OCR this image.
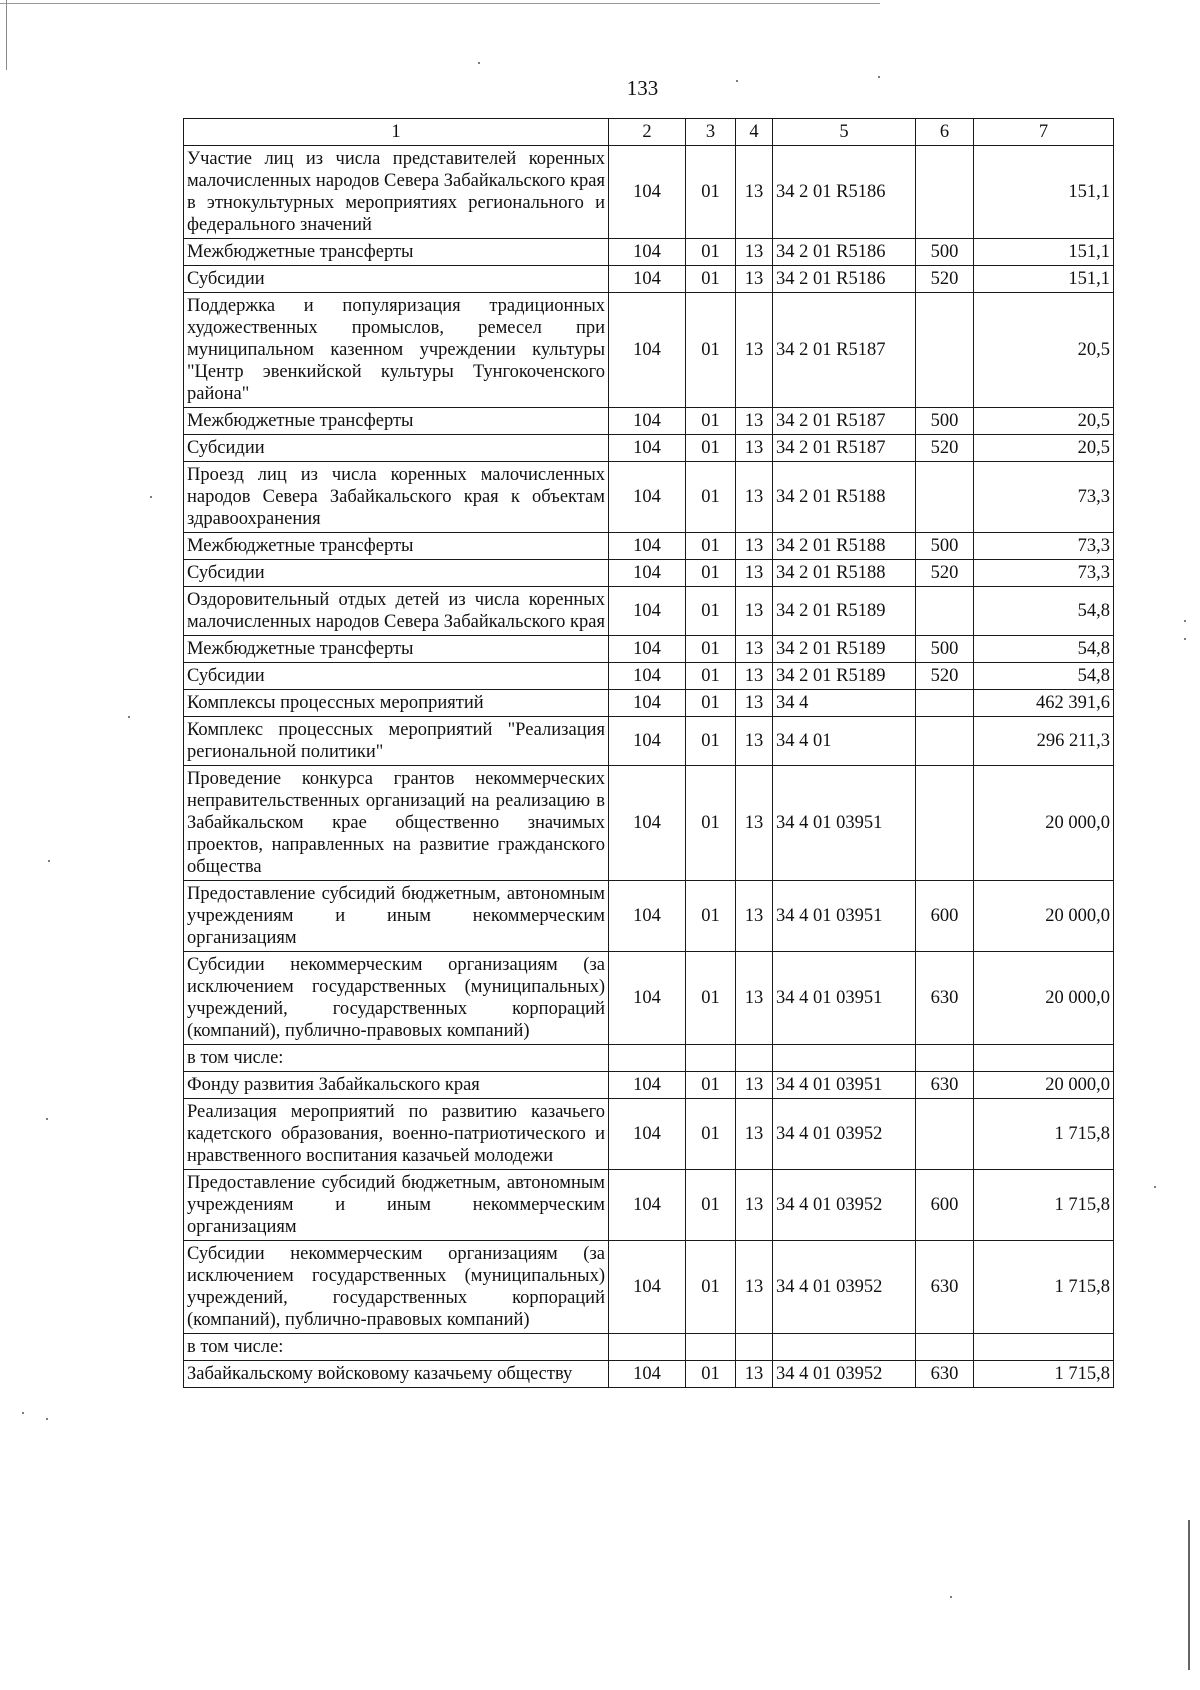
133
1	2	3	4	5	6	7
Участие лиц из числа представителей коренных малочисленных народов Севера Забайкальского края в этнокультурных мероприятиях регионального и федерального значений	104	01	13	34 2 01 R5186		151,1
Межбюджетные трансферты	104	01	13	34 2 01 R5186	500	151,1
Субсидии	104	01	13	34 2 01 R5186	520	151,1
Поддержка и популяризация традиционных художественных промыслов, ремесел при муниципальном казенном учреждении культуры "Центр эвенкийской культуры Тунгокоченского района"	104	01	13	34 2 01 R5187		20,5
Межбюджетные трансферты	104	01	13	34 2 01 R5187	500	20,5
Субсидии	104	01	13	34 2 01 R5187	520	20,5
Проезд лиц из числа коренных малочисленных народов Севера Забайкальского края к объектам здравоохранения	104	01	13	34 2 01 R5188		73,3
Межбюджетные трансферты	104	01	13	34 2 01 R5188	500	73,3
Субсидии	104	01	13	34 2 01 R5188	520	73,3
Оздоровительный отдых детей из числа коренных малочисленных народов Севера Забайкальского края	104	01	13	34 2 01 R5189		54,8
Межбюджетные трансферты	104	01	13	34 2 01 R5189	500	54,8
Субсидии	104	01	13	34 2 01 R5189	520	54,8
Комплексы процессных мероприятий	104	01	13	34 4		462 391,6
Комплекс процессных мероприятий "Реализация региональной политики"	104	01	13	34 4 01		296 211,3
Проведение конкурса грантов некоммерческих неправительственных организаций на реализацию в Забайкальском крае общественно значимых проектов, направленных на развитие гражданского общества	104	01	13	34 4 01 03951		20 000,0
Предоставление субсидий бюджетным, автономным учреждениям и иным некоммерческим организациям	104	01	13	34 4 01 03951	600	20 000,0
Субсидии некоммерческим организациям (за исключением государственных (муниципальных) учреждений, государственных корпораций (компаний), публично-правовых компаний)	104	01	13	34 4 01 03951	630	20 000,0
в том числе:						
Фонду развития Забайкальского края	104	01	13	34 4 01 03951	630	20 000,0
Реализация мероприятий по развитию казачьего кадетского образования, военно-патриотического и нравственного воспитания казачьей молодежи	104	01	13	34 4 01 03952		1 715,8
Предоставление субсидий бюджетным, автономным учреждениям и иным некоммерческим организациям	104	01	13	34 4 01 03952	600	1 715,8
Субсидии некоммерческим организациям (за исключением государственных (муниципальных) учреждений, государственных корпораций (компаний), публично-правовых компаний)	104	01	13	34 4 01 03952	630	1 715,8
в том числе:						
Забайкальскому войсковому казачьему обществу	104	01	13	34 4 01 03952	630	1 715,8
